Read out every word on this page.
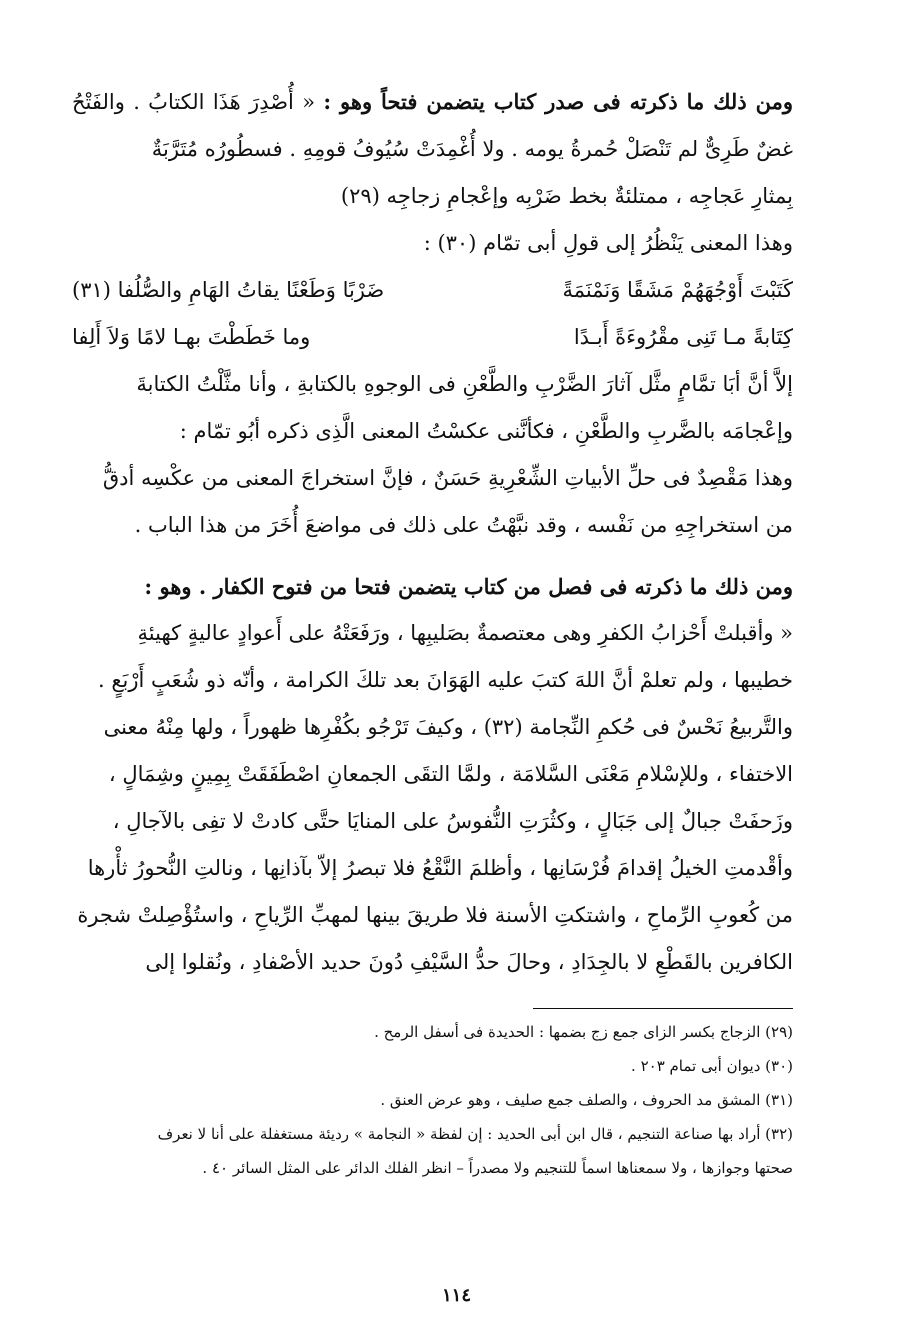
ومن ذلك ما ذكرته فى صدر كتاب يتضمن فتحاً وهو : « أُصْدِرَ هَذَا الكتابُ . والفَتْحُ غضٌ طَرِىٌّ لم تَنْصَلْ حُمرةُ يومه . ولا أُغْمِدَتْ سُيُوفُ قومِهِ . فسطُورُه مُتَرَّبَةٌ

بِمثارِ عَجاجِه ، ممتلئةٌ بخط ضَرْبِه وإعْجامِ زجاجِه (٢٩)
وهذا المعنى يَنْظُرُ إلى قولِ أبى تمّام (٣٠) :

كَتَبْتَ أَوْجُهَهُمْ مَشَقًا وَنَمْنَمَةً
ضَرْبًا وَطَعْنًا يقاتُ الهَامِ والصُّلُفا (٣١)
كِتَابةً مـا تَنِى مقْرُوءَةً أَبـدًا
وما خَطَطْتَ بهـا لامًا وَلاَ أَلِفا

إلاَّ أنَّ أبَا تمَّامٍ مثَّل آثارَ الضَّرْبِ والطَّعْنِ فى الوجوهِ بالكتابةِ ، وأنا مثَّلْتُ الكتابةَ
وإعْجامَه بالضَّربِ والطَّعْنِ ، فكأنَّنى عكسْتُ المعنى الَّذِى ذكره أبُو تمّام :
وهذا مَقْصِدٌ فى حلِّ الأبياتِ الشِّعْرِيةِ حَسَنٌ ، فإنَّ استخراجَ المعنى من عكْسِه أدقُّ
من استخراجِهِ من نَفْسه ، وقد نبَّهْتُ على ذلك فى مواضعَ أُخَرَ من هذا الباب .

ومن ذلك ما ذكرته فى فصل من كتاب يتضمن فتحا من فتوح الكفار . وهو :

« وأقبلتْ أَحْزابُ الكفرِ وهى معتصمةٌ بصَليبِها ، ورَفَعَتْهُ على أَعوادٍ عاليةٍ كهيئةِ
خطيبها ، ولم تعلمْ أنَّ اللهَ كتبَ عليه الهَوَانَ بعد تلكَ الكرامة ، وأنّه ذو شُعَبٍ أَرْبَعٍ .
والتَّربيعُ نَحْسٌ فى حُكمِ النِّجامة (٣٢) ، وكيفَ تَرْجُو بكُفْرِها ظهوراً ، ولها مِنْهُ معنى
الاختفاء ، وللإسْلامِ مَعْنَى السَّلامَة ، ولمَّا التقَى الجمعانِ اصْطَفَقَتْ بِمِينٍ وشِمَالٍ ،
وزَحفَتْ جبالٌ إلى جَبَالٍ ، وكثُرَتِ النُّفوسُ على المنايَا حتَّى كادتْ لا تفِى بالآجالِ ،
وأقْدمتِ الخيلُ إقدامَ فُرْسَانِها ، وأظلمَ النَّقْعُ فلا تبصرُ إلاّ بآذانِها ، ونالتِ النُّحورُ ثأْرها
من كُعوبِ الرِّماحِ ، واشتكتِ الأسنة فلا طريقَ بينها لمهبِّ الرِّياحِ ، واستُؤْصِلتْ شجرة
الكافرين بالقَطْعِ لا بالجِدَادِ ، وحالَ حدُّ السَّيْفِ دُونَ حديد الأصْفادِ ، ونُقلوا إلى

(٢٩) الزجاج بكسر الزاى جمع زج بضمها : الحديدة فى أسفل الرمح .
(٣٠) ديوان أبى تمام ٢٠٣ .
(٣١) المشق مد الحروف ، والصلف جمع صليف ، وهو عرض العنق .
(٣٢) أراد بها صناعة التنجيم ، قال ابن أبى الحديد : إن لفظة « النجامة » رديئة مستغفلة على أنا لا نعرف
صحتها وجوازها ، ولا سمعناها اسماً للتنجيم ولا مصدراً – انظر الفلك الدائر على المثل السائر ٤٠ .
١١٤
